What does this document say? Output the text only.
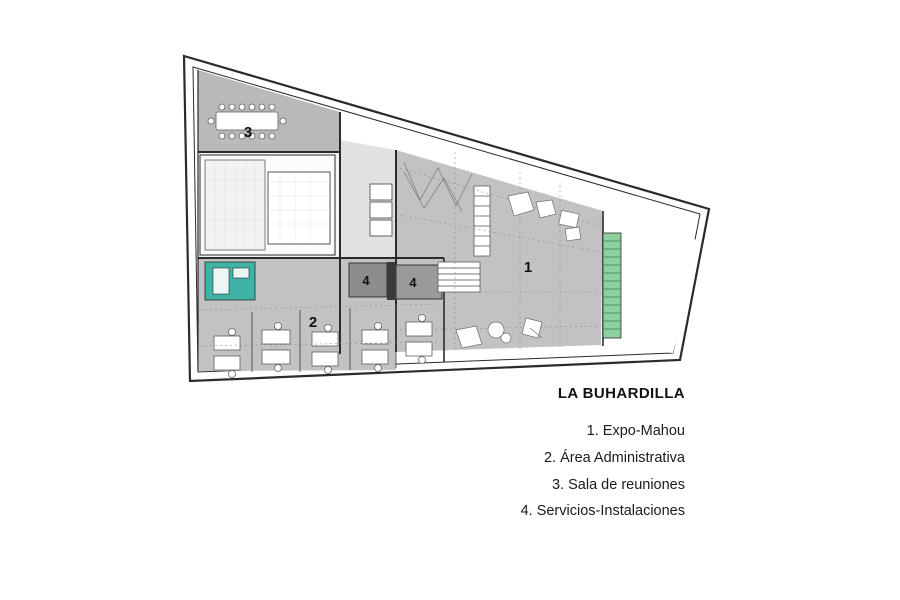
3
1
2
4	4
LA BUHARDILLA
1. Expo-Mahou
2. Área Administrativa
3. Sala de reuniones
4. Servicios-Instalaciones
